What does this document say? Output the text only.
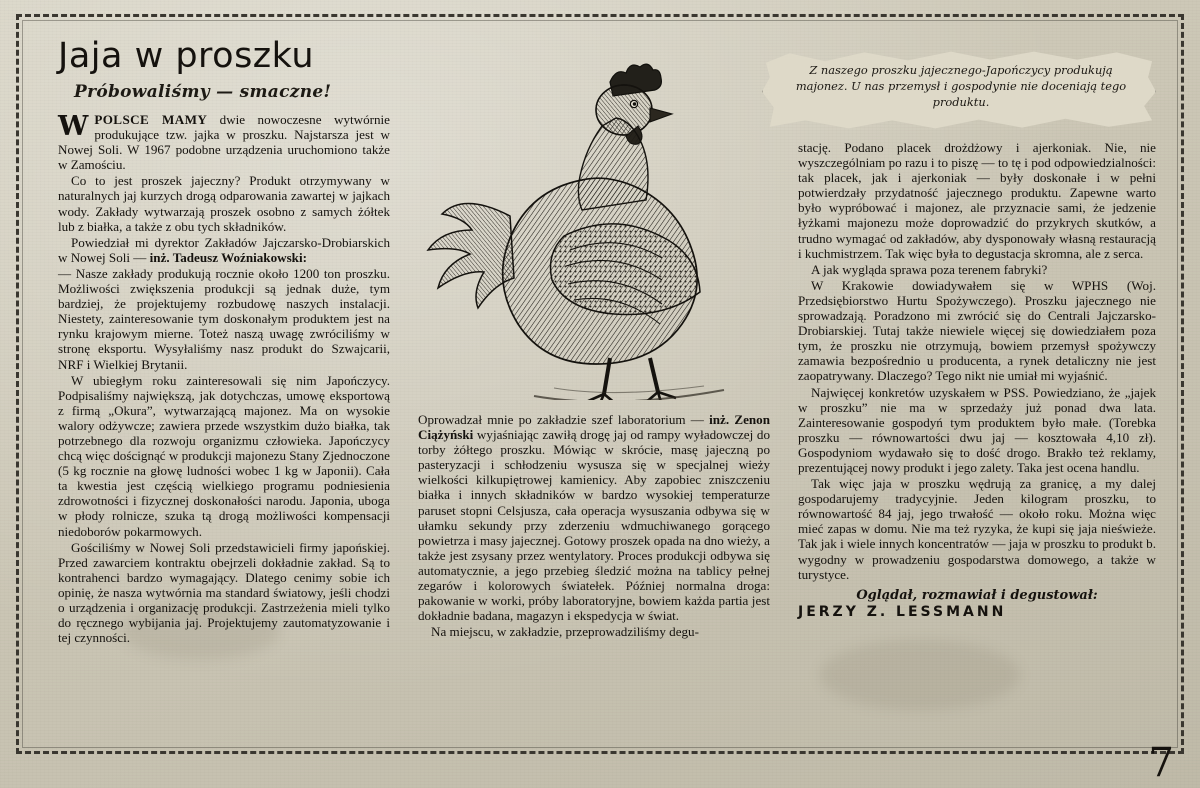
Jaja w proszku
Próbowaliśmy — smaczne!
Z naszego proszku jajecznego-Japończycy produkują majonez. U nas przemysł i gospodynie nie doceniają tego produktu.

WPOLSCE MAMY dwie nowoczesne wytwórnie produkujące tzw. jajka w proszku. Najstarsza jest w Nowej Soli. W 1967 podobne urządzenia uruchomiono także w Zamościu.

Co to jest proszek jajeczny? Produkt otrzymywany w naturalnych jaj kurzych drogą odparowania zawartej w jajkach wody. Zakłady wytwarzają proszek osobno z samych żółtek lub z białka, a także z obu tych składników.

Powiedział mi dyrektor Zakładów Jajczarsko-Drobiarskich w Nowej Soli — inż. Tadeusz Woźniakowski:

— Nasze zakłady produkują rocznie około 1200 ton proszku. Możliwości zwiększenia produkcji są jednak duże, tym bardziej, że projektujemy rozbudowę naszych instalacji. Niestety, zainteresowanie tym doskonałym produktem jest na rynku krajowym mierne. Toteż naszą uwagę zwróciliśmy w stronę eksportu. Wysyłaliśmy nasz produkt do Szwajcarii, NRF i Wielkiej Brytanii.

W ubiegłym roku zainteresowali się nim Japończycy. Podpisaliśmy największą, jak dotychczas, umowę eksportową z firmą „Okura”, wytwarzającą majonez. Ma on wysokie walory odżywcze; zawiera przede wszystkim dużo białka, tak potrzebnego dla rozwoju organizmu człowieka. Japończycy chcą więc doścignąć w produkcji majonezu Stany Zjednoczone (5 kg rocznie na głowę ludności wobec 1 kg w Japonii). Cała ta kwestia jest częścią wielkiego programu podniesienia zdrowotności i fizycznej doskonałości narodu. Japonia, uboga w płody rolnicze, szuka tą drogą możliwości kompensacji niedoborów pokarmowych.

Gościliśmy w Nowej Soli przedstawicieli firmy japońskiej. Przed zawarciem kontraktu obejrzeli dokładnie zakład. Są to kontrahenci bardzo wymagający. Dlatego cenimy sobie ich opinię, że nasza wytwórnia ma standard światowy, jeśli chodzi o urządzenia i organizację produkcji. Zastrzeżenia mieli tylko do ręcznego wybijania jaj. Projektujemy zautomatyzowanie i tej czynności.

Oprowadzał mnie po zakładzie szef laboratorium — inż. Zenon Ciążyński wyjaśniając zawiłą drogę jaj od rampy wyładowczej do torby żółtego proszku. Mówiąc w skrócie, masę jajeczną po pasteryzacji i schłodzeniu wysusza się w specjalnej wieży wielkości kilkupiętrowej kamienicy. Aby zapobiec zniszczeniu białka i innych składników w bardzo wysokiej temperaturze paruset stopni Celsjusza, cała operacja wysuszania odbywa się w ułamku sekundy przy zderzeniu wdmuchiwanego gorącego powietrza i masy jajecznej. Gotowy proszek opada na dno wieży, a także jest zsysany przez wentylatory. Proces produkcji odbywa się automatycznie, a jego przebieg śledzić można na tablicy pełnej zegarów i kolorowych światełek. Później normalna droga: pakowanie w worki, próby laboratoryjne, bowiem każda partia jest dokładnie badana, magazyn i ekspedycja w świat.

Na miejscu, w zakładzie, przeprowadziliśmy degu-

stację. Podano placek drożdżowy i ajerkoniak. Nie, nie wyszczególniam po razu i to piszę — to tę i pod odpowiedzialności: tak placek, jak i ajerkoniak — były doskonałe i w pełni potwierdzały przydatność jajecznego produktu. Zapewne warto było wypróbować i majonez, ale przyznacie sami, że jedzenie łyżkami majonezu może doprowadzić do przykrych skutków, a trudno wymagać od zakładów, aby dysponowały własną restauracją i kuchmistrzem. Tak więc była to degustacja skromna, ale z serca.

A jak wygląda sprawa poza terenem fabryki?

W Krakowie dowiadywałem się w WPHS (Woj. Przedsiębiorstwo Hurtu Spożywczego). Proszku jajecznego nie sprowadzają. Poradzono mi zwrócić się do Centrali Jajczarsko-Drobiarskiej. Tutaj także niewiele więcej się dowiedziałem poza tym, że proszku nie otrzymują, bowiem przemysł spożywczy zamawia bezpośrednio u producenta, a rynek detaliczny nie jest zaopatrywany. Dlaczego? Tego nikt nie umiał mi wyjaśnić.

Najwięcej konkretów uzyskałem w PSS. Powiedziano, że „jajek w proszku” nie ma w sprzedaży już ponad dwa lata. Zainteresowanie gospodyń tym produktem było małe. (Torebka proszku — równowartości dwu jaj — kosztowała 4,10 zł). Gospodyniom wydawało się to dość drogo. Brakło też reklamy, prezentującej nowy produkt i jego zalety. Taka jest ocena handlu.

Tak więc jaja w proszku wędrują za granicę, a my dalej gospodarujemy tradycyjnie. Jeden kilogram proszku, to równowartość 84 jaj, jego trwałość — około roku. Można więc mieć zapas w domu. Nie ma też ryzyka, że kupi się jaja nieświeże. Tak jak i wiele innych koncentratów — jaja w proszku to produkt b. wygodny w prowadzeniu gospodarstwa domowego, a także w turystyce.

Oglądał, rozmawiał i degustował:
JERZY Z. LESSMANN
7
